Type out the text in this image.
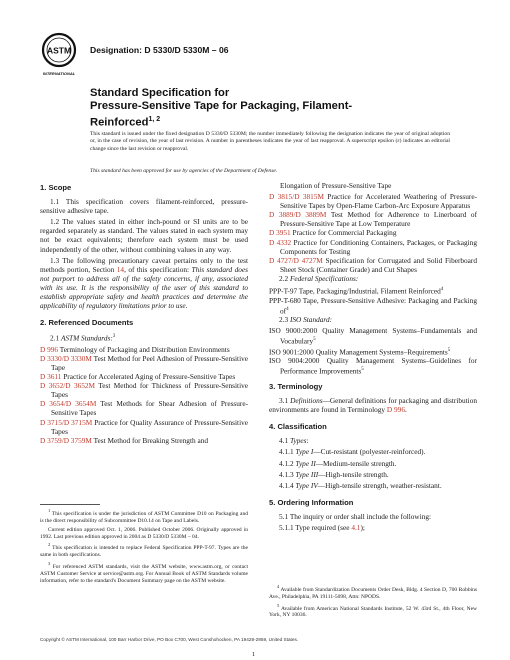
ASTM
INTERNATIONAL
Designation: D 5330/D 5330M – 06
Standard Specification for
Pressure-Sensitive Tape for Packaging, Filament-
Reinforced$^{1, 2}$
This standard is issued under the fixed designation D 5330/D 5330M; the number immediately following the designation indicates the year of original adoption or, in the case of revision, the year of last revision. A number in parentheses indicates the year of last reapproval. A superscript epsilon (ε) indicates an editorial change since the last revision or reapproval.
This standard has been approved for use by agencies of the Department of Defense.
1. Scope

1.1 This specification covers filament-reinforced, pressure-sensitive adhesive tape.

1.2 The values stated in either inch-pound or SI units are to be regarded separately as standard. The values stated in each system may not be exact equivalents; therefore each system must be used independently of the other, without combining values in any way.

1.3 The following precautionary caveat pertains only to the test methods portion, Section 14, of this specification: This standard does not purport to address all of the safety concerns, if any, associated with its use. It is the responsibility of the user of this standard to establish appropriate safety and health practices and determine the applicability of regulatory limitations prior to use.

2. Referenced Documents

2.1 ASTM Standards:$^3$

D 996 Terminology of Packaging and Distribution Environments

D 3330/D 3330M Test Method for Peel Adhesion of Pressure-Sensitive Tape

D 3611 Practice for Accelerated Aging of Pressure-Sensitive Tapes

D 3652/D 3652M Test Method for Thickness of Pressure-Sensitive Tapes

D 3654/D 3654M Test Methods for Shear Adhesion of Pressure-Sensitive Tapes

D 3715/D 3715M Practice for Quality Assurance of Pressure-Sensitive Tapes

D 3759/D 3759M Test Method for Breaking Strength and

$^1$ This specification is under the jurisdiction of ASTM Committee D10 on Packaging and is the direct responsibility of Subcommittee D10.14 on Tape and Labels.

Current edition approved Oct. 1, 2006. Published October 2006. Originally approved in 1992. Last previous edition approved in 2004 as D 5330/D 5330M – 04.

$^2$ This specification is intended to replace Federal Specification PPP-T-97. Types are the same in both specifications.

$^3$ For referenced ASTM standards, visit the ASTM website, www.astm.org, or contact ASTM Customer Service at service@astm.org. For Annual Book of ASTM Standards volume information, refer to the standard's Document Summary page on the ASTM website.

Elongation of Pressure-Sensitive Tape

D 3815/D 3815M Practice for Accelerated Weathering of Pressure-Sensitive Tapes by Open-Flame Carbon-Arc Exposure Apparatus

D 3889/D 3889M Test Method for Adherence to Linerboard of Pressure-Sensitive Tape at Low Temperature

D 3951 Practice for Commercial Packaging

D 4332 Practice for Conditioning Containers, Packages, or Packaging Components for Testing

D 4727/D 4727M Specification for Corrugated and Solid Fiberboard Sheet Stock (Container Grade) and Cut Shapes

2.2 Federal Specifications:

PPP-T-97 Tape, Packaging/Industrial, Filament Reinforced$^4$

PPP-T-680 Tape, Pressure-Sensitive Adhesive: Packaging and Packing $of^4$

2.3 ISO Standard:

ISO 9000:2000 Quality Management Systems–Fundamentals and Vocabulary$^5$

ISO 9001:2000 Quality Management Systems–Requirements$^5$

ISO 9004:2000 Quality Management Systems–Guidelines for Performance Improvements$^5$

3. Terminology

3.1 Definitions—General definitions for packaging and distribution environments are found in Terminology D 996.

4. Classification

4.1 Types:

4.1.1 Type I—Cut-resistant (polyester-reinforced).

4.1.2 Type II—Medium-tensile strength.

4.1.3 Type III—High-tensile strength.

4.1.4 Type IV—High-tensile strength, weather-resistant.

5. Ordering Information

5.1 The inquiry or order shall include the following:

5.1.1 Type required (see 4.1);

$^4$ Available from Standardization Documents Order Desk, Bldg. 4 Section D, 700 Robbins Ave., Philadelphia, PA 19111-5098, Attn: NPODS.

$^5$ Available from American National Standards Institute, 52 W. 43rd St., 4th Floor, New York, NY 10036.

Copyright © ASTM International, 100 Barr Harbor Drive, PO Box C700, West Conshohocken, PA 19428-2959, United States.
1
